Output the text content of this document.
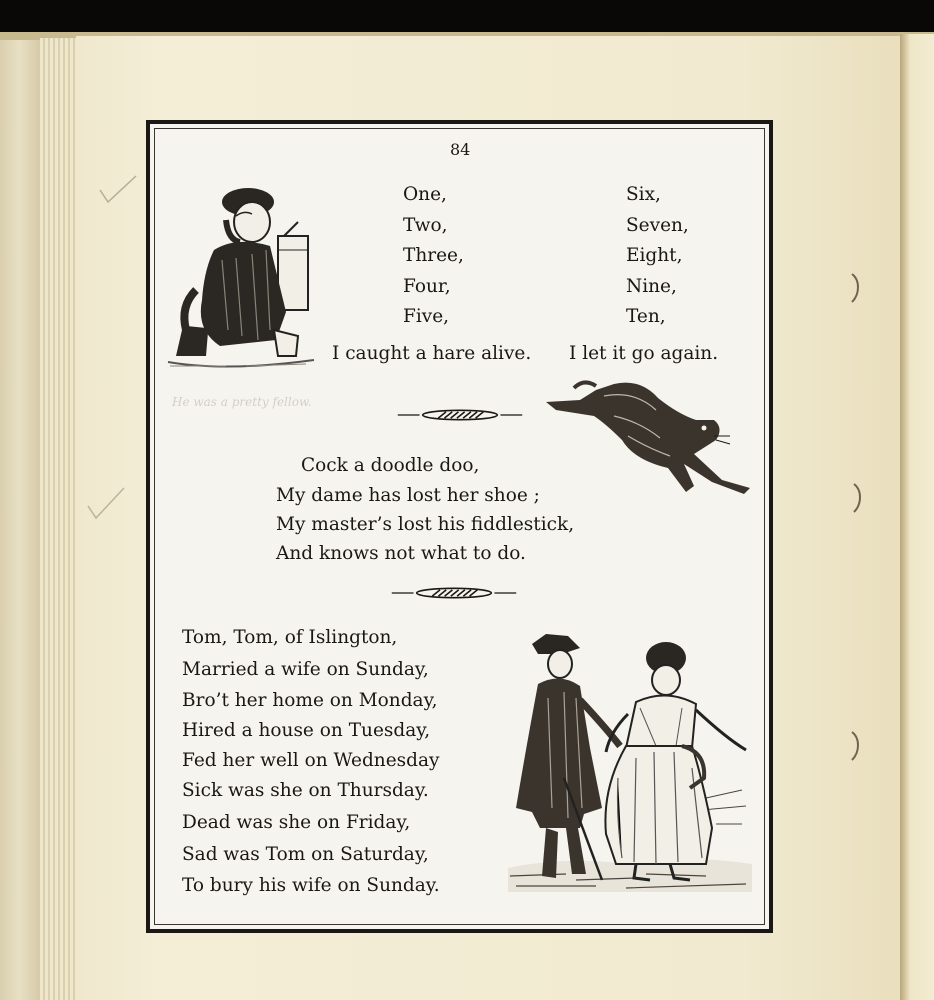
He was a pretty fellow.
84
One,
Two,
Three,
Four,
Five,
Six,
Seven,
Eight,
Nine,
Ten,
I caught a hare alive. I let it go again.
Cock a doodle doo,
My dame has lost her shoe ;
My master’s lost his fiddlestick,
And knows not what to do.
Tom, Tom, of Islington,
Married a wife on Sunday,
Bro’t her home on Monday,
Hired a house on Tuesday,
Fed her well on Wednesday
Sick was she on Thursday.
Dead was she on Friday,
Sad was Tom on Saturday,
To bury his wife on Sunday.
